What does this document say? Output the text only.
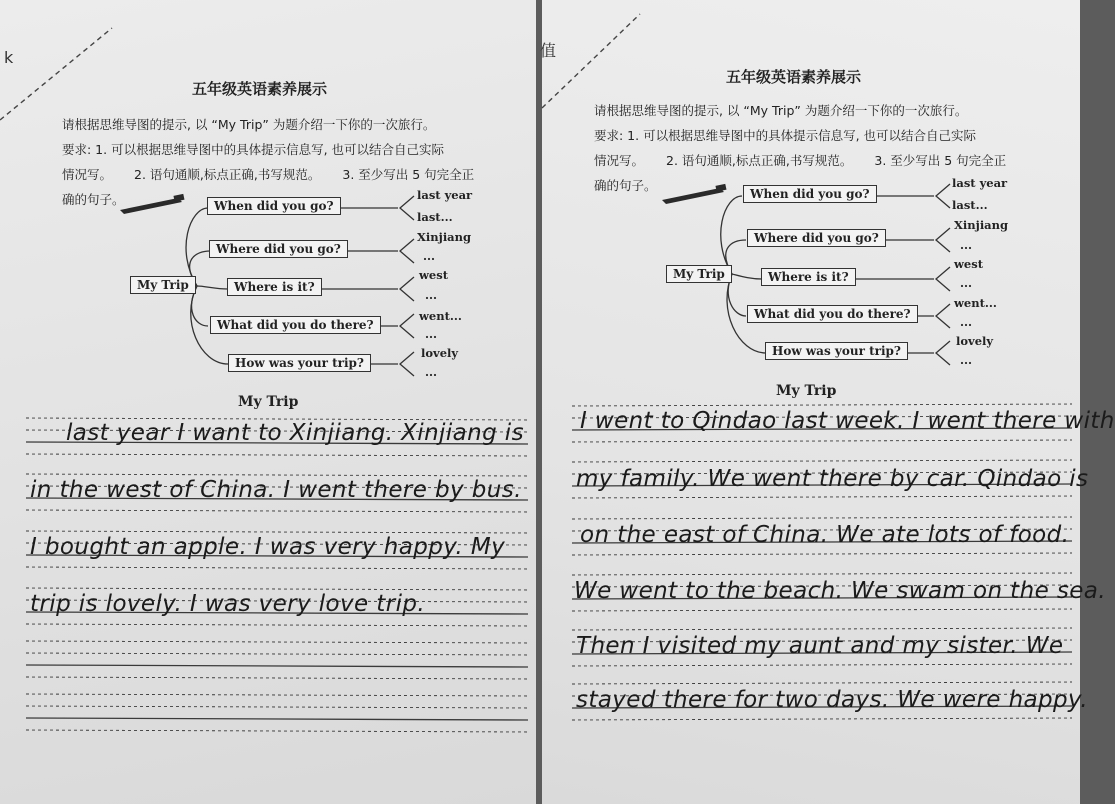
k
五年级英语素养展示
请根据思维导图的提示, 以 “My Trip” 为题介绍一下你的一次旅行。
要求: 1. 可以根据思维导图中的具体提示信息写, 也可以结合自己实际
情况写。 2. 语句通顺,标点正确,书写规范。 3. 至少写出 5 句完全正
确的句子。
My Trip
When did you go?
Where did you go?
Where is it?
What did you do there?
How was your trip?
last year
last...
Xinjiang
...
west
...
went...
...
lovely
...
My Trip
last year I want to Xinjiang. Xinjiang is
in the west of China. I went there by bus.
I bought an apple. I was very happy. My
trip is lovely. I was very love trip.
值
五年级英语素养展示
请根据思维导图的提示, 以 “My Trip” 为题介绍一下你的一次旅行。
要求: 1. 可以根据思维导图中的具体提示信息写, 也可以结合自己实际
情况写。 2. 语句通顺,标点正确,书写规范。 3. 至少写出 5 句完全正
确的句子。
My Trip
When did you go?
Where did you go?
Where is it?
What did you do there?
How was your trip?
last year
last...
Xinjiang
...
west
...
went...
...
lovely
...
My Trip
I went to Qindao last week. I went there with
my family. We went there by car. Qindao is
on the east of China. We ate lots of food.
We went to the beach. We swam on the sea.
Then I visited my aunt and my sister. We
stayed there for two days. We were happy.
